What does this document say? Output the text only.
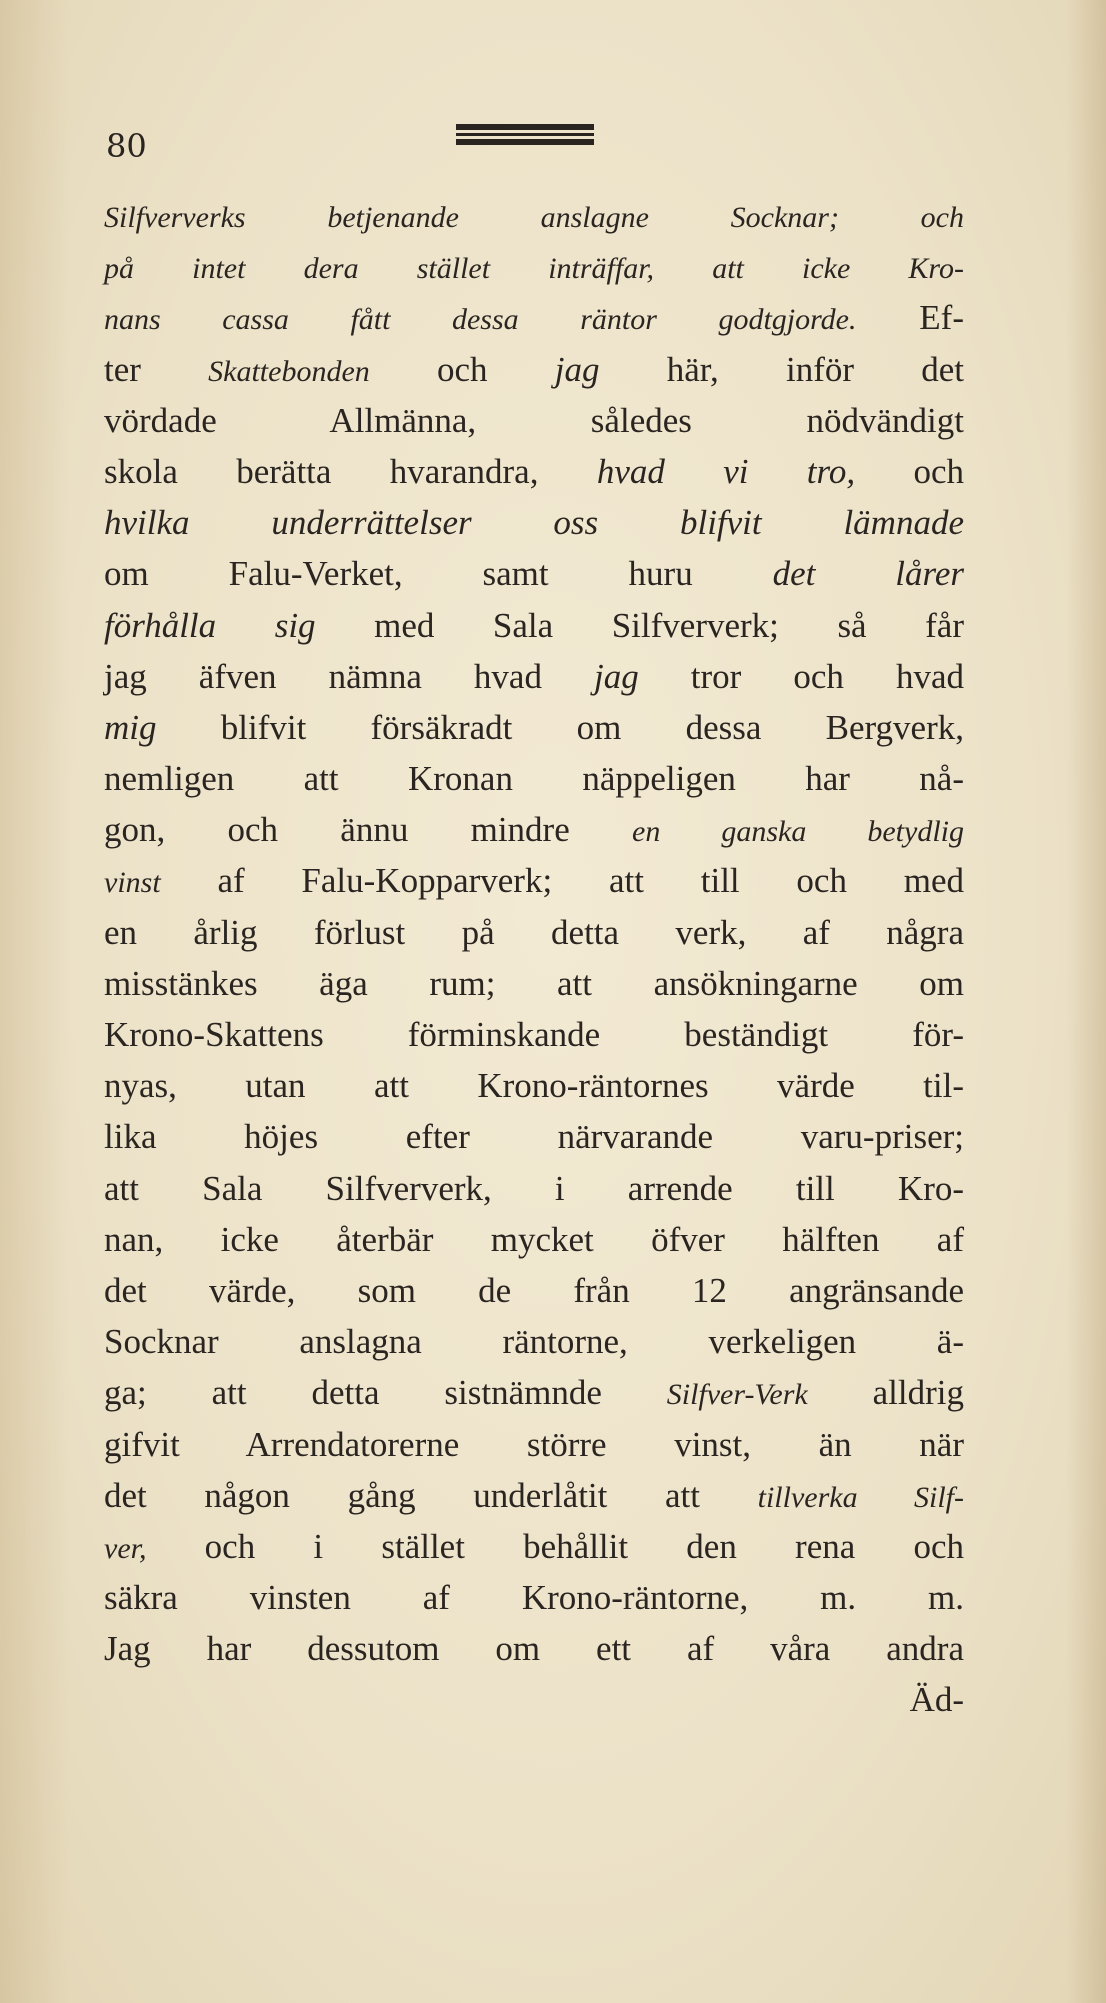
80
Silfververks betjenande anslagne Socknar; och
på intet dera stället inträffar, att icke Kro-
nans cassa fått dessa räntor godtgjorde. Ef-
ter Skattebonden och jag här, inför det
vördade Allmänna, således nödvändigt
skola berätta hvarandra, hvad vi tro, och
hvilka underrättelser oss blifvit lämnade
om Falu-Verket, samt huru det lårer
förhålla sig med Sala Silfververk; så får
jag äfven nämna hvad jag tror och hvad
mig blifvit försäkradt om dessa Bergverk,
nemligen att Kronan näppeligen har nå-
gon, och ännu mindre en ganska betydlig
vinst af Falu-Kopparverk; att till och med
en årlig förlust på detta verk, af några
misstänkes äga rum; att ansökningarne om
Krono-Skattens förminskande beständigt för-
nyas, utan att Krono-räntornes värde til-
lika höjes efter närvarande varu-priser;
att Sala Silfververk, i arrende till Kro-
nan, icke återbär mycket öfver hälften af
det värde, som de från 12 angränsande
Socknar anslagna räntorne, verkeligen ä-
ga; att detta sistnämnde Silfver-Verk alldrig
gifvit Arrendatorerne större vinst, än när
det någon gång underlåtit att tillverka Silf-
ver, och i stället behållit den rena och
säkra vinsten af Krono-räntorne, m. m.
Jag har dessutom om ett af våra andra
Äd-
